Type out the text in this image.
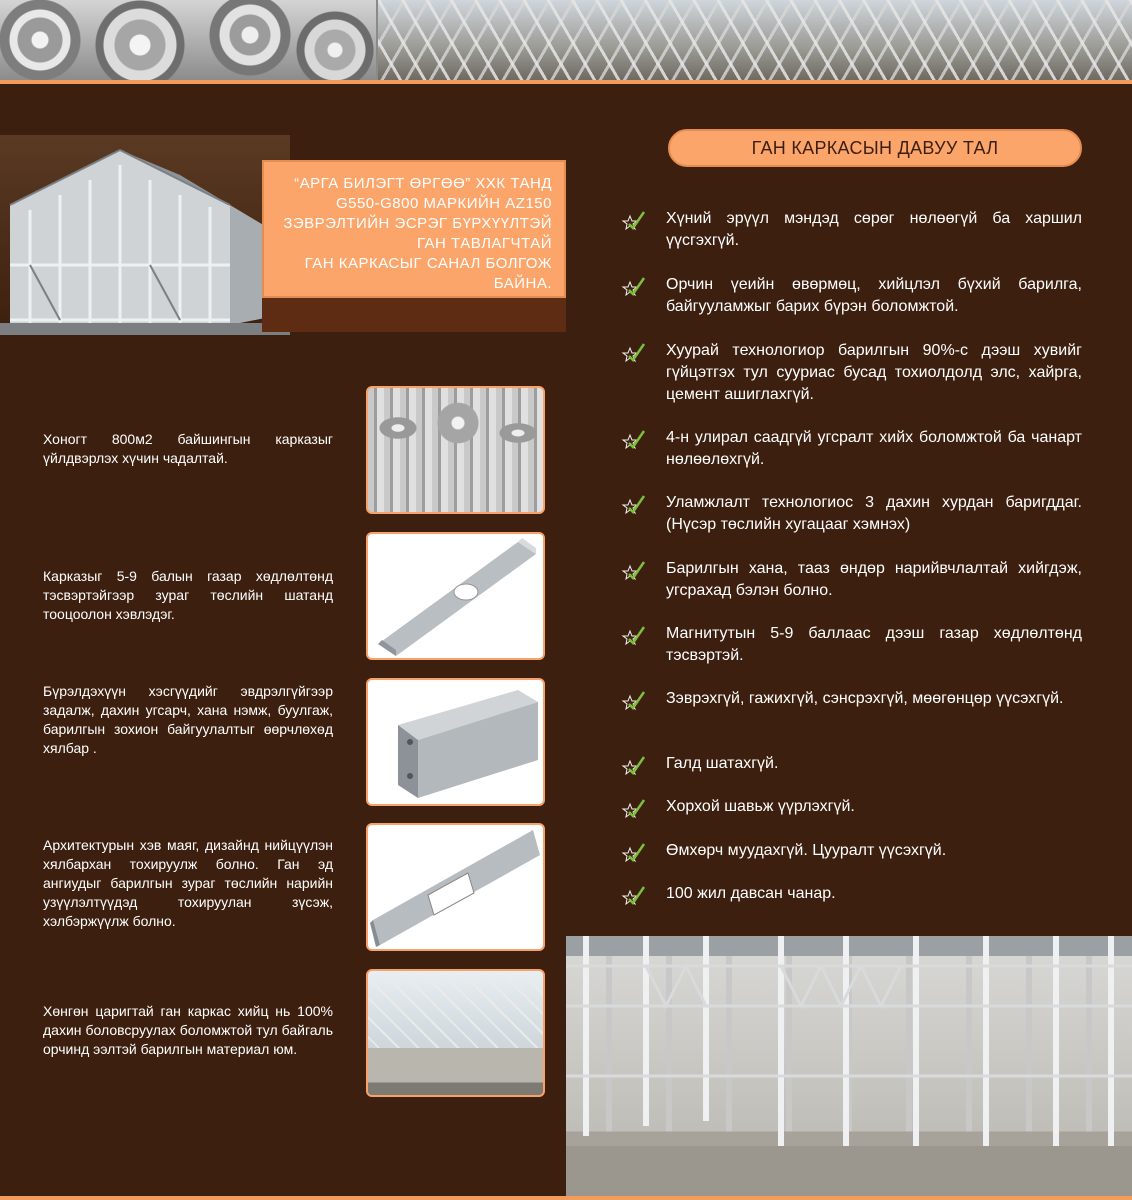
“АРГА БИЛЭГТ ӨРГӨӨ” ХХК ТАНД
G550-G800 МАРКИЙН AZ150
ЗЭВРЭЛТИЙН ЭСРЭГ БҮРХҮҮЛТЭЙ
ГАН ТАВЛАГЧТАЙ
ГАН КАРКАСЫГ САНАЛ БОЛГОЖ
БАЙНА.
Хоногт 800м2 байшингын карказыг үйлдвэрлэх хүчин чадалтай.
Карказыг 5-9 балын газар хөдлөлтөнд тэсвэртэйгээр зураг төслийн шатанд тооцоолон хэвлэдэг.
Бүрэлдэхүүн хэсгүүдийг эвдрэлгүйгээр задалж, дахин угсарч, хана нэмж, буулгаж, барилгын зохион байгуулалтыг өөрчлөхөд хялбар .
Архитектурын хэв маяг, дизайнд нийцүүлэн хялбархан тохируулж болно. Ган эд ангиудыг барилгын зураг төслийн нарийн узүүлэлтүүдэд тохируулан зүсэж, хэлбэржүүлж болно.
Хөнгөн царигтай ган каркас хийц нь 100% дахин боловсруулах боломжтой тул байгаль орчинд ээлтэй барилгын материал юм.
ГАН КАРКАСЫН ДАВУУ ТАЛ
Хүний эрүүл мэндэд сөрөг нөлөөгүй ба харшил үүсгэхгүй.
Орчин үеийн өвөрмөц, хийцлэл бүхий барилга, байгууламжыг барих бүрэн боломжтой.
Хуурай технологиор барилгын 90%-с дээш хувийг гүйцэтгэх тул сууриас бусад тохиолдолд элс, хайрга, цемент ашиглахгүй.
4-н улирал саадгүй угсралт хийх боломжтой ба чанарт нөлөөлөхгүй.
Уламжлалт технологиос 3 дахин хурдан баригддаг. (Нүсэр төслийн хугацааг хэмнэх)
Барилгын хана, тааз өндөр нарийвчлалтай хийгдэж, угсрахад бэлэн болно.
Магнитутын 5-9 баллаас дээш газар хөдлөлтөнд тэсвэртэй.
Зэврэхгүй, гажихгүй, сэнсрэхгүй, мөөгөнцөр үүсэхгүй.
Галд шатахгүй.
Хорхой шавьж үүрлэхгүй.
Өмхөрч муудахгүй. Цууралт үүсэхгүй.
100 жил давсан чанар.
